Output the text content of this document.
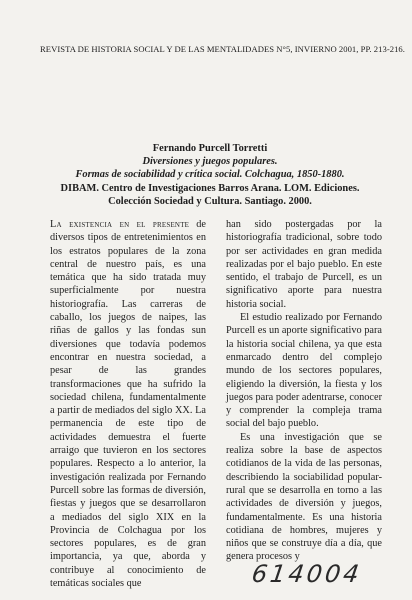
REVISTA DE HISTORIA SOCIAL Y DE LAS MENTALIDADES N°5, INVIERNO 2001, PP. 213-216.
Fernando Purcell Torretti
Diversiones y juegos populares.
Formas de sociabilidad y crítica social. Colchagua, 1850-1880.
DIBAM. Centro de Investigaciones Barros Arana. LOM. Ediciones.
Colección Sociedad y Cultura. Santiago. 2000.

La existencia en el presente de diversos tipos de entretenimientos en los estratos populares de la zona central de nuestro país, es una temática que ha sido tratada muy superficialmente por nuestra historiografía. Las carreras de caballo, los juegos de naipes, las riñas de gallos y las fondas sun diversiones que todavía podemos encontrar en nuestra sociedad, a pesar de las grandes transformaciones que ha sufrido la sociedad chilena, fundamentalmente a partir de mediados del siglo XX. La permanencia de este tipo de actividades demuestra el fuerte arraigo que tuvieron en los sectores populares. Respecto a lo anterior, la investigación realizada por Fernando Purcell sobre las formas de diversión, fiestas y juegos que se desarrollaron a mediados del siglo XIX en la Provincia de Colchagua por los sectores populares, es de gran importancia, ya que, aborda y contribuye al conocimiento de temáticas sociales que

han sido postergadas por la historiografía tradicional, sobre todo por ser actividades en gran medida realizadas por el bajo pueblo. En este sentido, el trabajo de Purcell, es un significativo aporte para nuestra historia social.

El estudio realizado por Fernando Purcell es un aporte significativo para la historia social chilena, ya que esta enmarcado dentro del complejo mundo de los sectores populares, eligiendo la diversión, la fiesta y los juegos para poder adentrarse, conocer y comprender la compleja trama social del bajo pueblo.

Es una investigación que se realiza sobre la base de aspectos cotidianos de la vida de las personas, describiendo la sociabilidad popular-rural que se desarrolla en torno a las actividades de diversión y juegos, fundamentalmente. Es una historia cotidiana de hombres, mujeres y niños que se construye día a día, que genera procesos y

614004
